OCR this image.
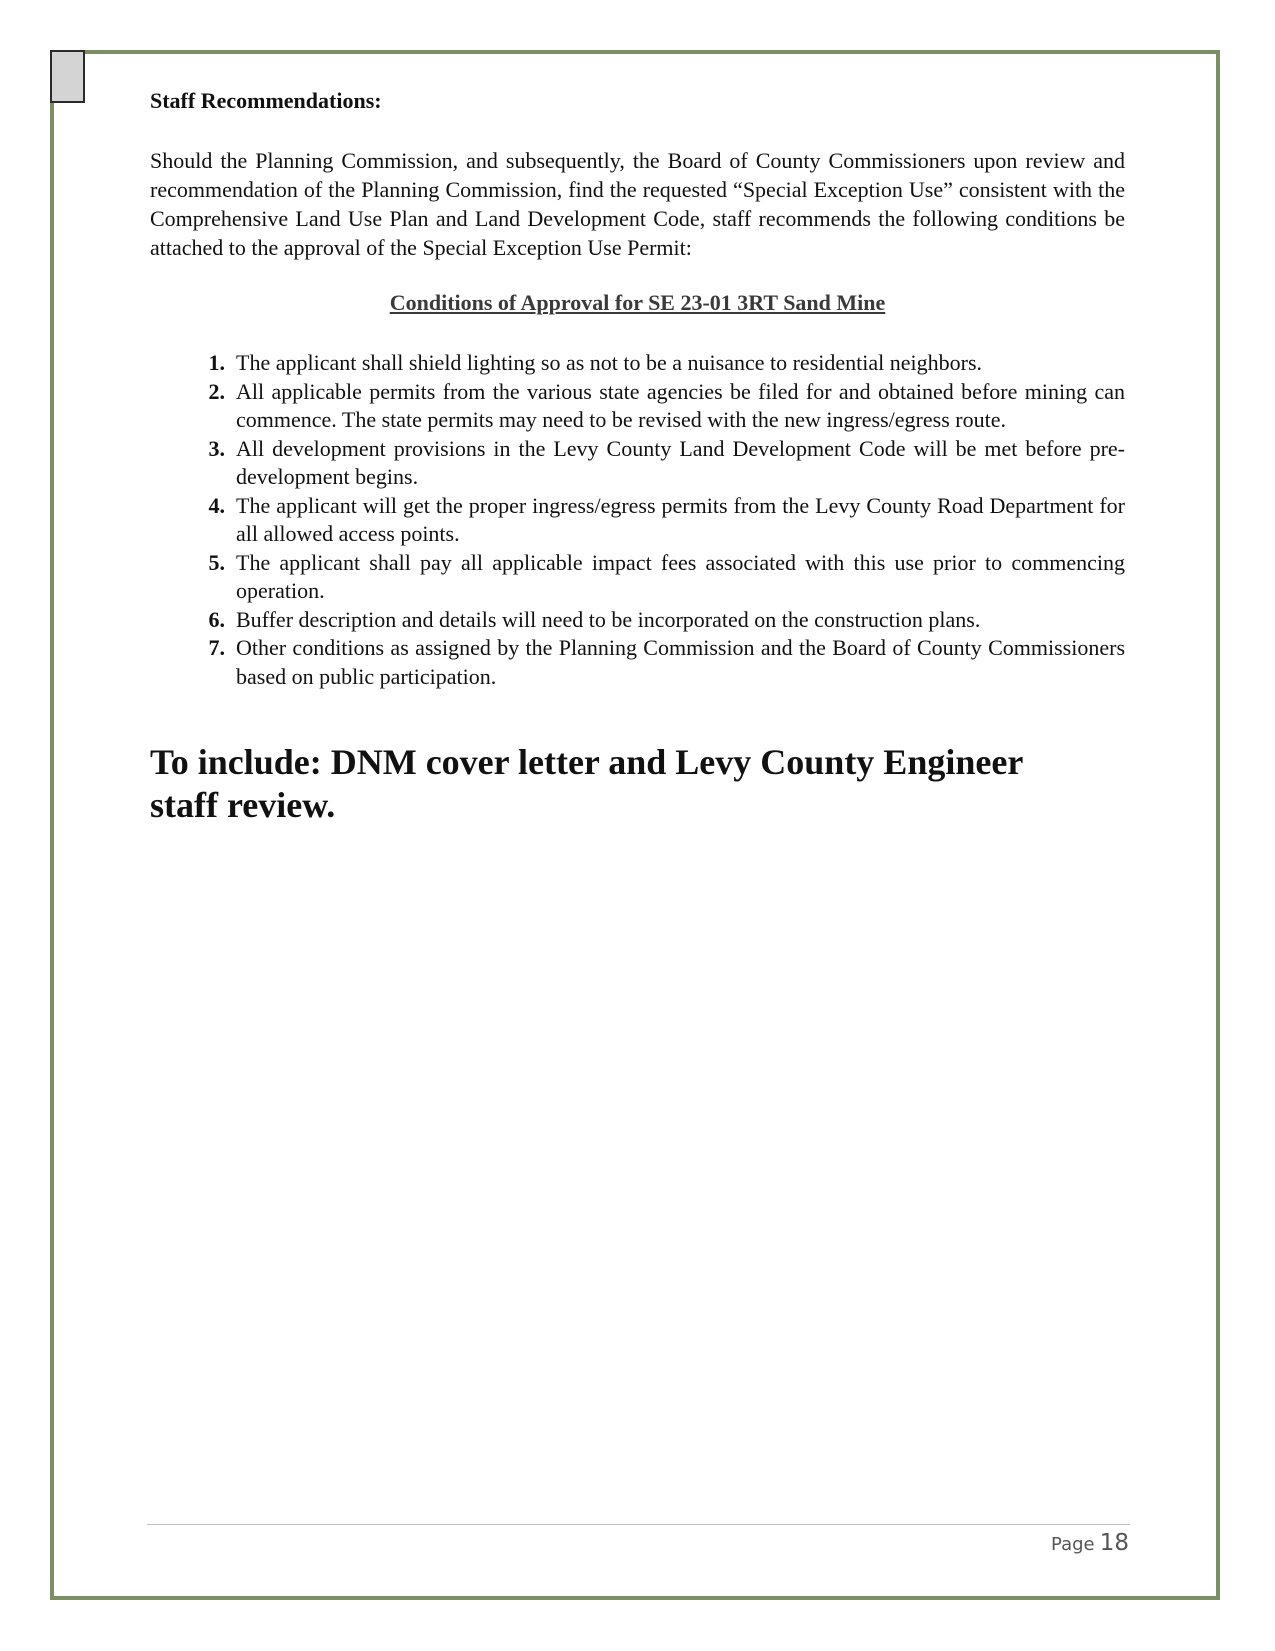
Staff Recommendations:

Should the Planning Commission, and subsequently, the Board of County Commissioners upon review and recommendation of the Planning Commission, find the requested “Special Exception Use” consistent with the Comprehensive Land Use Plan and Land Development Code, staff recommends the following conditions be attached to the approval of the Special Exception Use Permit:

Conditions of Approval for SE 23-01 3RT Sand Mine
1. The applicant shall shield lighting so as not to be a nuisance to residential neighbors.
2. All applicable permits from the various state agencies be filed for and obtained before mining can commence. The state permits may need to be revised with the new ingress/egress route.
3. All development provisions in the Levy County Land Development Code will be met before pre-development begins.
4. The applicant will get the proper ingress/egress permits from the Levy County Road Department for all allowed access points.
5. The applicant shall pay all applicable impact fees associated with this use prior to commencing operation.
6. Buffer description and details will need to be incorporated on the construction plans.
7. Other conditions as assigned by the Planning Commission and the Board of County Commissioners based on public participation.

To include: DNM cover letter and Levy County Engineer staff review.

Page 18
